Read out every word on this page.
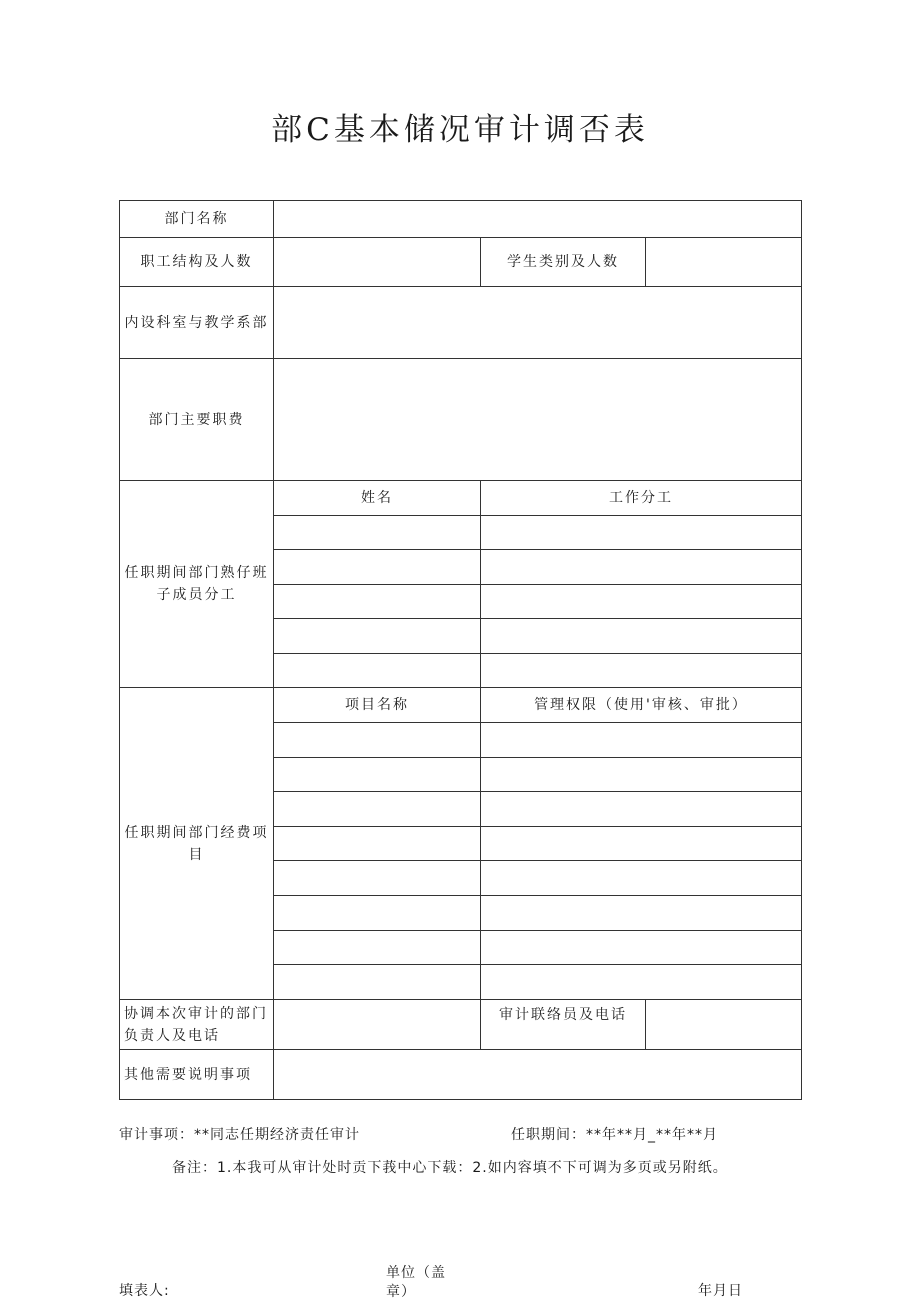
部C基本储况审计调否表
部门名称			
职工结构及人数		学生类别及人数	
内设科室与教学系部			
部门主要职费			
任职期间部门熟仔班子成员分工	姓名	工作分工	

任职期间部门经费项目	项目名称	管理权限（使用'审核、审批）	

协调本次审计的部门负责人及电话		审计联络员及电话	
其他需要说明事项			
审计事项：**同志任期经济责任审计	任职期间：**年**月_**年**月
备注：1.本我可从审计处时贡下莪中心下载：2.如内容填不下可调为多页或另附纸。
填表人:
单位（盖
章）	年月日
